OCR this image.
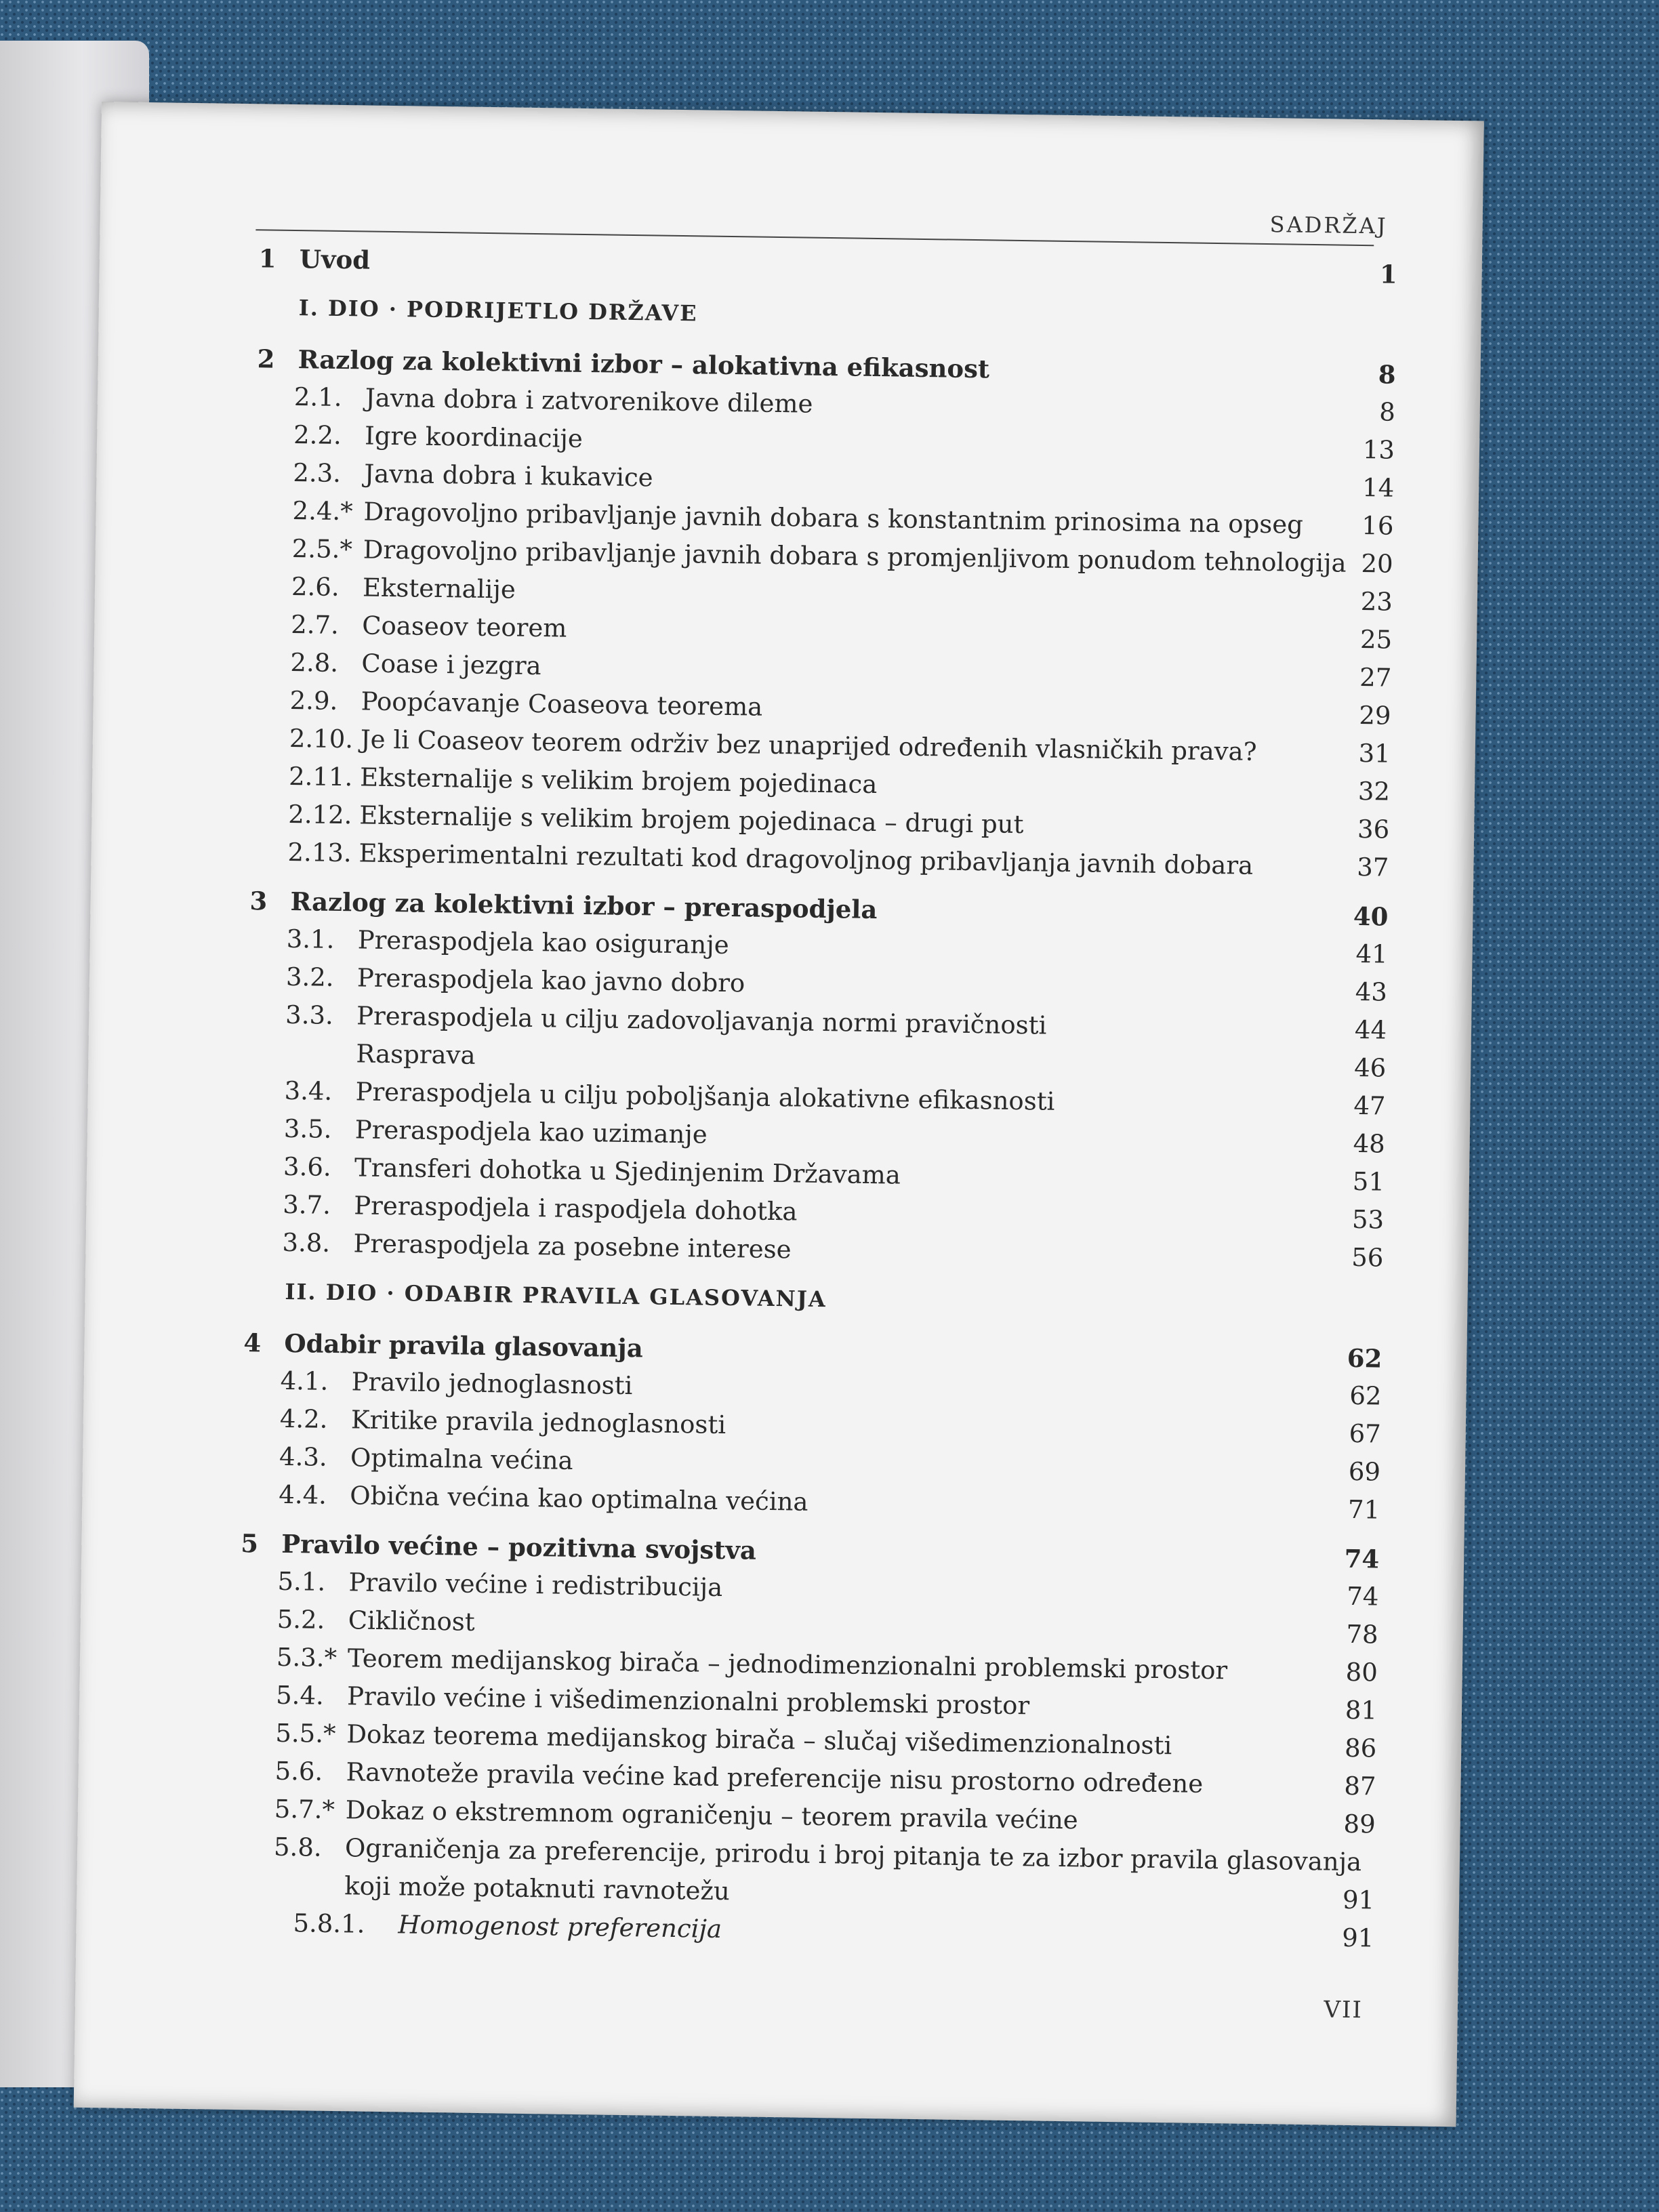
SADRŽAJ
1 Uvod	1
I. DIO · PODRIJETLO DRŽAVE
2 Razlog za kolektivni izbor – alokativna efikasnost	8
2.1. Javna dobra i zatvorenikove dileme	8
2.2. Igre koordinacije	13
2.3. Javna dobra i kukavice	14
2.4.* Dragovoljno pribavljanje javnih dobara s konstantnim prinosima na opseg 16
2.5.* Dragovoljno pribavljanje javnih dobara s promjenljivom ponudom tehnologija 20
2.6. Eksternalije	23
2.7. Coaseov teorem	25
2.8. Coase i jezgra	27
2.9. Poopćavanje Coaseova teorema	29
2.10. Je li Coaseov teorem održiv bez unaprijed određenih vlasničkih prava?	31
2.11. Eksternalije s velikim brojem pojedinaca	32
2.12. Eksternalije s velikim brojem pojedinaca – drugi put	36
2.13. Eksperimentalni rezultati kod dragovoljnog pribavljanja javnih dobara	37
3 Razlog za kolektivni izbor – preraspodjela	40
3.1. Preraspodjela kao osiguranje	41
3.2. Preraspodjela kao javno dobro	43
3.3. Preraspodjela u cilju zadovoljavanja normi pravičnosti	44
Rasprava	46
3.4. Preraspodjela u cilju poboljšanja alokativne efikasnosti	47
3.5. Preraspodjela kao uzimanje	48
3.6. Transferi dohotka u Sjedinjenim Državama	51
3.7. Preraspodjela i raspodjela dohotka	53
3.8. Preraspodjela za posebne interese	56
II. DIO · ODABIR PRAVILA GLASOVANJA
4 Odabir pravila glasovanja	62
4.1. Pravilo jednoglasnosti	62
4.2. Kritike pravila jednoglasnosti	67
4.3. Optimalna većina	69
4.4. Obična većina kao optimalna većina	71
5 Pravilo većine – pozitivna svojstva	74
5.1. Pravilo većine i redistribucija	74
5.2. Cikličnost	78
5.3.* Teorem medijanskog birača – jednodimenzionalni problemski prostor	80
5.4. Pravilo većine i višedimenzionalni problemski prostor	81
5.5.* Dokaz teorema medijanskog birača – slučaj višedimenzionalnosti	86
5.6. Ravnoteže pravila većine kad preferencije nisu prostorno određene	87
5.7.* Dokaz o ekstremnom ograničenju – teorem pravila većine	89
5.8. Ograničenja za preferencije, prirodu i broj pitanja te za izbor pravila glasovanja
koji može potaknuti ravnotežu	91
5.8.1. Homogenost preferencija	91
VII
